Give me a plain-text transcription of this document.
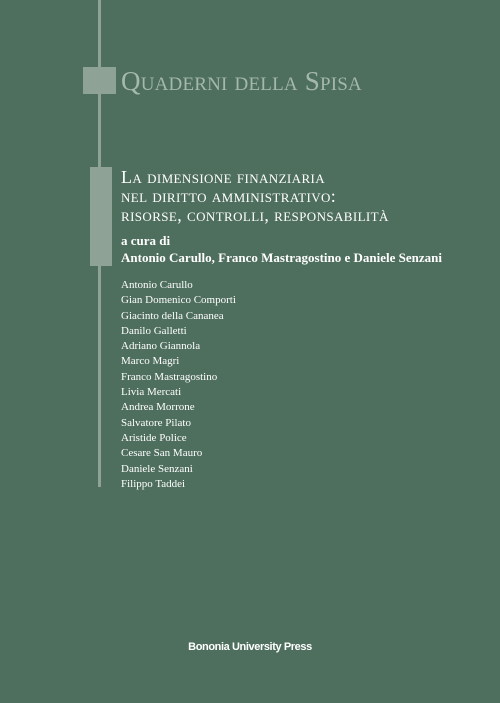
Quaderni della Spisa
La dimensione finanziaria
nel diritto amministrativo:
risorse, controlli, responsabilità
a cura di
Antonio Carullo, Franco Mastragostino e Daniele Senzani
Antonio Carullo
Gian Domenico Comporti
Giacinto della Cananea
Danilo Galletti
Adriano Giannola
Marco Magri
Franco Mastragostino
Livia Mercati
Andrea Morrone
Salvatore Pilato
Aristide Police
Cesare San Mauro
Daniele Senzani
Filippo Taddei
Bononia University Press
